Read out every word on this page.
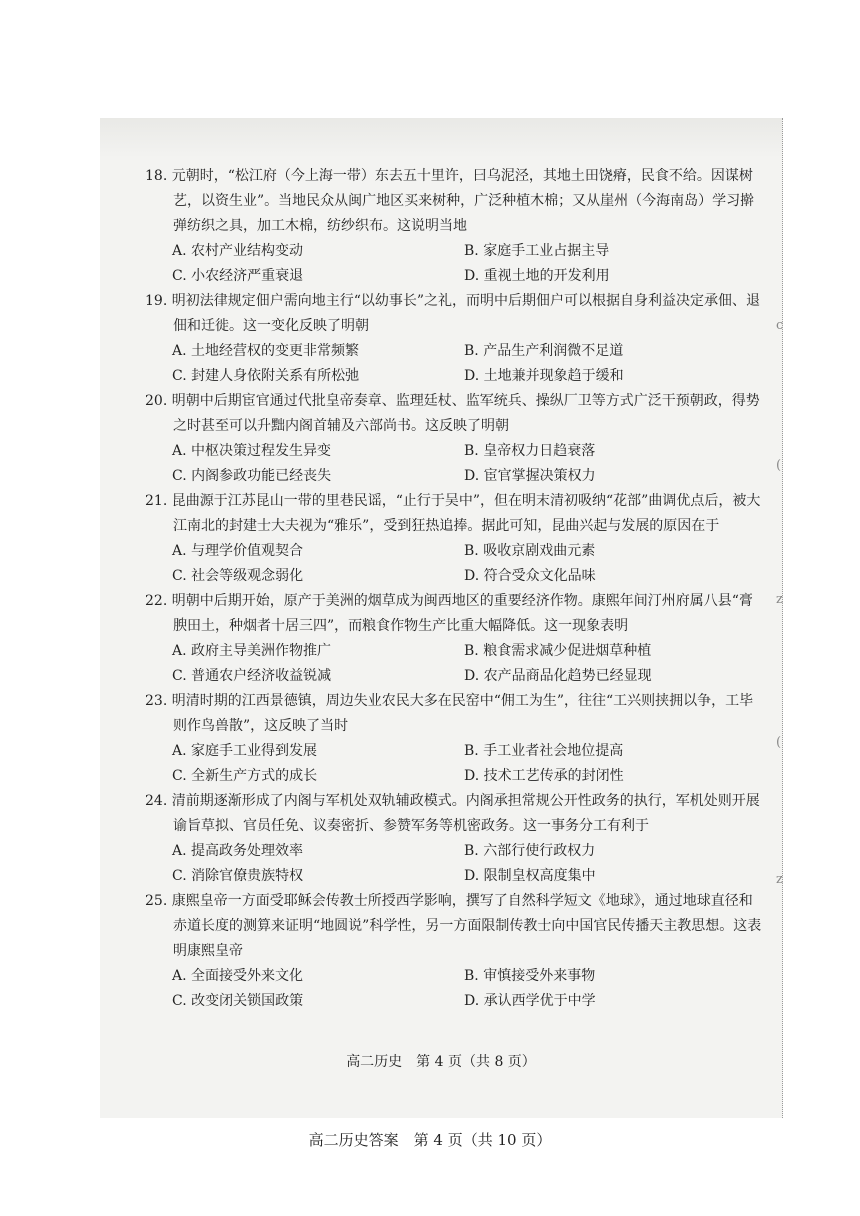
c
(
z
(
z
18. 元朝时，“松江府（今上海一带）东去五十里许，曰乌泥泾，其地土田饶瘠，民食不给。因谋树艺，以资生业”。当地民众从闽广地区买来树种，广泛种植木棉；又从崖州（今海南岛）学习擀弹纺织之具，加工木棉，纺纱织布。这说明当地
A. 农村产业结构变动	B. 家庭手工业占据主导
C. 小农经济严重衰退	D. 重视土地的开发利用
19. 明初法律规定佃户需向地主行“以幼事长”之礼，而明中后期佃户可以根据自身利益决定承佃、退佃和迁徙。这一变化反映了明朝
A. 土地经营权的变更非常频繁	B. 产品生产利润微不足道
C. 封建人身依附关系有所松弛	D. 土地兼并现象趋于缓和
20. 明朝中后期宦官通过代批皇帝奏章、监理廷杖、监军统兵、操纵厂卫等方式广泛干预朝政，得势之时甚至可以升黜内阁首辅及六部尚书。这反映了明朝
A. 中枢决策过程发生异变	B. 皇帝权力日趋衰落
C. 内阁参政功能已经丧失	D. 宦官掌握决策权力
21. 昆曲源于江苏昆山一带的里巷民谣，“止行于吴中”，但在明末清初吸纳“花部”曲调优点后，被大江南北的封建士大夫视为“雅乐”，受到狂热追捧。据此可知，昆曲兴起与发展的原因在于
A. 与理学价值观契合	B. 吸收京剧戏曲元素
C. 社会等级观念弱化	D. 符合受众文化品味
22. 明朝中后期开始，原产于美洲的烟草成为闽西地区的重要经济作物。康熙年间汀州府属八县“膏腴田土，种烟者十居三四”，而粮食作物生产比重大幅降低。这一现象表明
A. 政府主导美洲作物推广	B. 粮食需求减少促进烟草种植
C. 普通农户经济收益锐减	D. 农产品商品化趋势已经显现
23. 明清时期的江西景德镇，周边失业农民大多在民窑中“佣工为生”，往往“工兴则挟拥以争，工毕则作鸟兽散”，这反映了当时
A. 家庭手工业得到发展	B. 手工业者社会地位提高
C. 全新生产方式的成长	D. 技术工艺传承的封闭性
24. 清前期逐渐形成了内阁与军机处双轨辅政模式。内阁承担常规公开性政务的执行，军机处则开展谕旨草拟、官员任免、议奏密折、参赞军务等机密政务。这一事务分工有利于
A. 提高政务处理效率	B. 六部行使行政权力
C. 消除官僚贵族特权	D. 限制皇权高度集中
25. 康熙皇帝一方面受耶稣会传教士所授西学影响，撰写了自然科学短文《地球》，通过地球直径和赤道长度的测算来证明“地圆说”科学性，另一方面限制传教士向中国官民传播天主教思想。这表明康熙皇帝
A. 全面接受外来文化	B. 审慎接受外来事物
C. 改变闭关锁国政策	D. 承认西学优于中学
高二历史　第 4 页（共 8 页）
高二历史答案　第 4 页（共 10 页）
